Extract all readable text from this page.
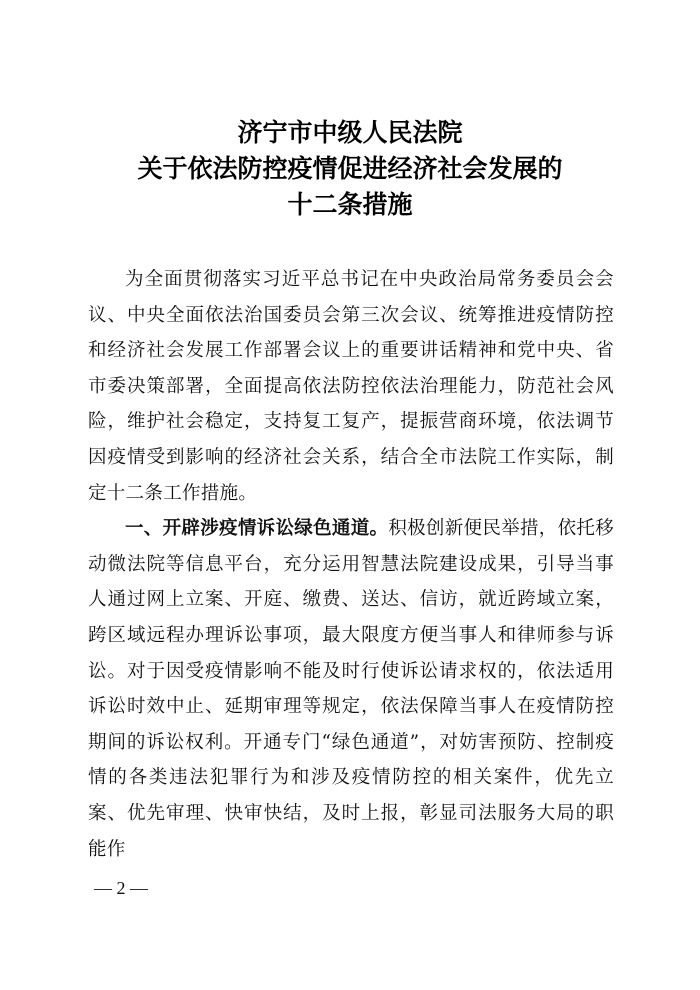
济宁市中级人民法院
关于依法防控疫情促进经济社会发展的
十二条措施

为全面贯彻落实习近平总书记在中央政治局常务委员会会议、中央全面依法治国委员会第三次会议、统筹推进疫情防控和经济社会发展工作部署会议上的重要讲话精神和党中央、省市委决策部署，全面提高依法防控依法治理能力，防范社会风险，维护社会稳定，支持复工复产，提振营商环境，依法调节因疫情受到影响的经济社会关系，结合全市法院工作实际，制定十二条工作措施。

一、开辟涉疫情诉讼绿色通道。积极创新便民举措，依托移动微法院等信息平台，充分运用智慧法院建设成果，引导当事人通过网上立案、开庭、缴费、送达、信访，就近跨域立案，跨区域远程办理诉讼事项，最大限度方便当事人和律师参与诉讼。对于因受疫情影响不能及时行使诉讼请求权的，依法适用诉讼时效中止、延期审理等规定，依法保障当事人在疫情防控期间的诉讼权利。开通专门“绿色通道”，对妨害预防、控制疫情的各类违法犯罪行为和涉及疫情防控的相关案件，优先立案、优先审理、快审快结，及时上报，彰显司法服务大局的职能作

— 2 —
